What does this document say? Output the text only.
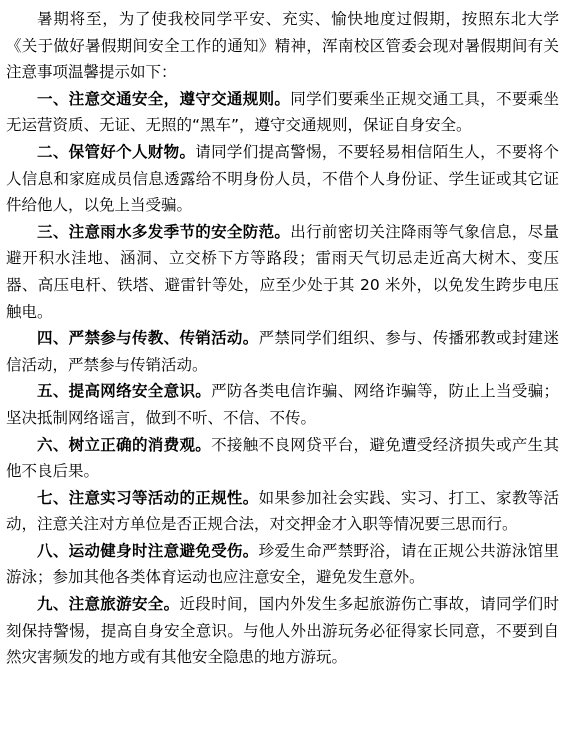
暑期将至，为了使我校同学平安、充实、愉快地度过假期，按照东北大学《关于做好暑假期间安全工作的通知》精神，浑南校区管委会现对暑假期间有关注意事项温馨提示如下：

一、注意交通安全，遵守交通规则。同学们要乘坐正规交通工具，不要乘坐无运营资质、无证、无照的“黑车”，遵守交通规则，保证自身安全。

二、保管好个人财物。请同学们提高警惕，不要轻易相信陌生人，不要将个人信息和家庭成员信息透露给不明身份人员，不借个人身份证、学生证或其它证件给他人，以免上当受骗。

三、注意雨水多发季节的安全防范。出行前密切关注降雨等气象信息，尽量避开积水洼地、涵洞、立交桥下方等路段；雷雨天气切忌走近高大树木、变压器、高压电杆、铁塔、避雷针等处，应至少处于其 20 米外，以免发生跨步电压触电。

四、严禁参与传教、传销活动。严禁同学们组织、参与、传播邪教或封建迷信活动，严禁参与传销活动。

五、提高网络安全意识。严防各类电信诈骗、网络诈骗等，防止上当受骗；坚决抵制网络谣言，做到不听、不信、不传。

六、树立正确的消费观。不接触不良网贷平台，避免遭受经济损失或产生其他不良后果。

七、注意实习等活动的正规性。如果参加社会实践、实习、打工、家教等活动，注意关注对方单位是否正规合法，对交押金才入职等情况要三思而行。

八、运动健身时注意避免受伤。珍爱生命严禁野浴，请在正规公共游泳馆里游泳；参加其他各类体育运动也应注意安全，避免发生意外。

九、注意旅游安全。近段时间，国内外发生多起旅游伤亡事故，请同学们时刻保持警惕，提高自身安全意识。与他人外出游玩务必征得家长同意，不要到自然灾害频发的地方或有其他安全隐患的地方游玩。
